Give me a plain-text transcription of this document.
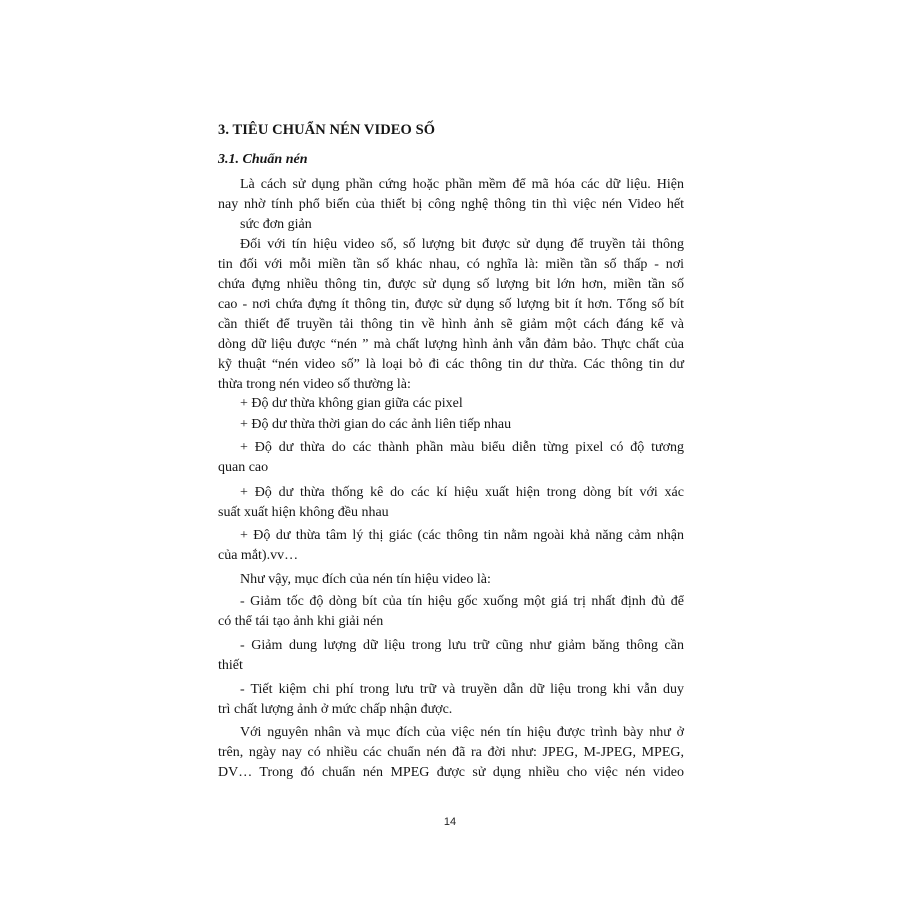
3. TIÊU CHUẨN NÉN VIDEO SỐ
3.1. Chuẩn nén
Là cách sử dụng phần cứng hoặc phần mềm để mã hóa các dữ liệu. Hiện
nay nhờ tính phổ biến của thiết bị công nghệ thông tin thì việc nén Video hết
sức đơn giản
Đối với tín hiệu video số, số lượng bit được sử dụng để truyền tải thông
tin đối với mỗi miền tần số khác nhau, có nghĩa là: miền tần số thấp - nơi
chứa đựng nhiều thông tin, được sử dụng số lượng bit lớn hơn, miền tần số
cao - nơi chứa đựng ít thông tin, được sử dụng số lượng bit ít hơn. Tổng số bít
cần thiết để truyền tải thông tin về hình ảnh sẽ giảm một cách đáng kể và
dòng dữ liệu được “nén ” mà chất lượng hình ảnh vẫn đảm bảo. Thực chất của
kỹ thuật “nén video số” là loại bỏ đi các thông tin dư thừa. Các thông tin dư
thừa trong nén video số thường là:
+ Độ dư thừa không gian giữa các pixel
+ Độ dư thừa thời gian do các ảnh liên tiếp nhau
+ Độ dư thừa do các thành phần màu biểu diễn từng pixel có độ tương
quan cao
+ Độ dư thừa thống kê do các kí hiệu xuất hiện trong dòng bít với xác
suất xuất hiện không đều nhau
+ Độ dư thừa tâm lý thị giác (các thông tin nằm ngoài khả năng cảm nhận
của mắt).vv…
Như vậy, mục đích của nén tín hiệu video là:
- Giảm tốc độ dòng bít của tín hiệu gốc xuống một giá trị nhất định đủ để
có thể tái tạo ảnh khi giải nén
- Giảm dung lượng dữ liệu trong lưu trữ cũng như giảm băng thông cần
thiết
- Tiết kiệm chi phí trong lưu trữ và truyền dẫn dữ liệu trong khi vẫn duy
trì chất lượng ảnh ở mức chấp nhận được.
Với nguyên nhân và mục đích của việc nén tín hiệu được trình bày như ở
trên, ngày nay có nhiều các chuẩn nén đã ra đời như: JPEG, M-JPEG, MPEG,
DV… Trong đó chuẩn nén MPEG được sử dụng nhiều cho việc nén video
14
